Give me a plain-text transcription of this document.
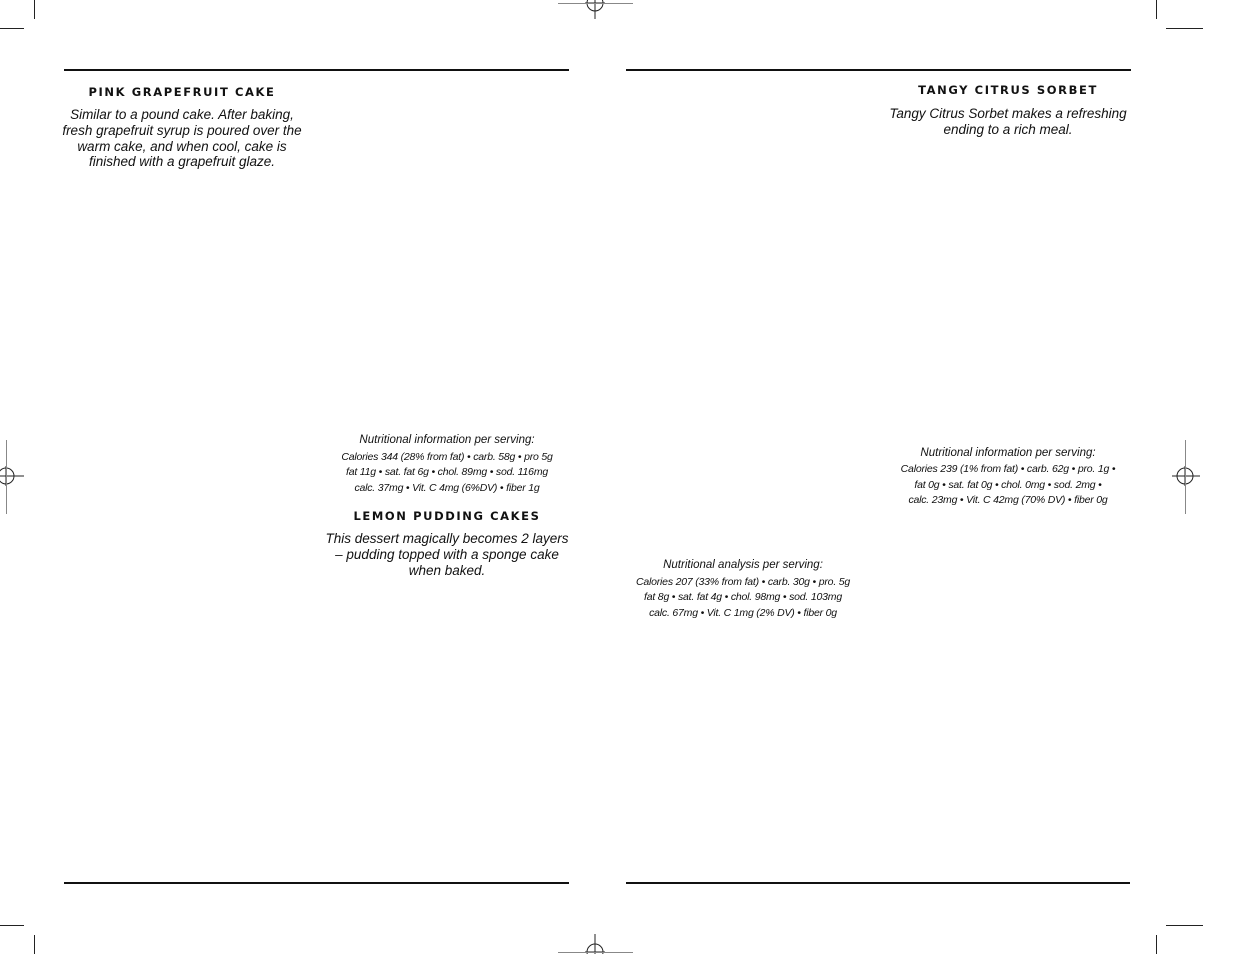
PINK GRAPEFRUIT CAKE
Similar to a pound cake. After baking,
fresh grapefruit syrup is poured over the
warm cake, and when cool, cake is
finished with a grapefruit glaze.
Nutritional information per serving:
Calories 344 (28% from fat) • carb. 58g • pro 5g
fat 11g • sat. fat 6g • chol. 89mg • sod. 116mg
calc. 37mg • Vit. C 4mg (6%DV) • fiber 1g
LEMON PUDDING CAKES
This dessert magically becomes 2 layers
– pudding topped with a sponge cake
when baked.
TANGY CITRUS SORBET
Tangy Citrus Sorbet makes a refreshing
ending to a rich meal.
Nutritional information per serving:
Calories 239 (1% from fat) • carb. 62g • pro. 1g •
fat 0g • sat. fat 0g • chol. 0mg • sod. 2mg •
calc. 23mg • Vit. C 42mg (70% DV) • fiber 0g
Nutritional analysis per serving:
Calories 207 (33% from fat) • carb. 30g • pro. 5g
fat 8g • sat. fat 4g • chol. 98mg • sod. 103mg
calc. 67mg • Vit. C 1mg (2% DV) • fiber 0g
